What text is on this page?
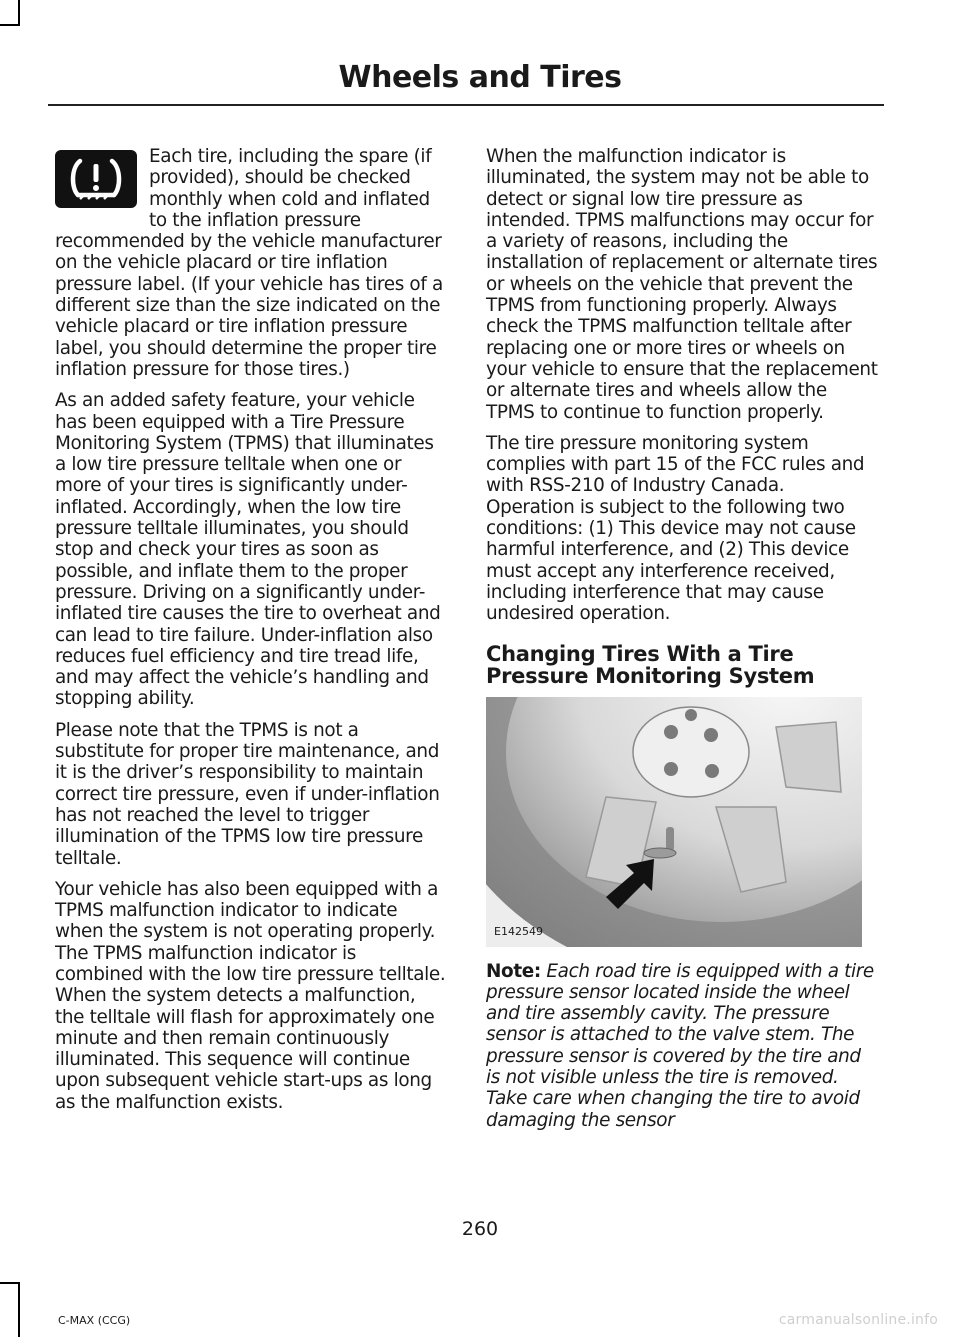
Wheels and Tires

Each tire, including the spare (if provided), should be checked monthly when cold and inflated to the inflation pressure recommended by the vehicle manufacturer on the vehicle placard or tire inflation pressure label. (If your vehicle has tires of a different size than the size indicated on the vehicle placard or tire inflation pressure label, you should determine the proper tire inflation pressure for those tires.)

As an added safety feature, your vehicle has been equipped with a Tire Pressure Monitoring System (TPMS) that illuminates a low tire pressure telltale when one or more of your tires is significantly under-inflated. Accordingly, when the low tire pressure telltale illuminates, you should stop and check your tires as soon as possible, and inflate them to the proper pressure. Driving on a significantly under-inflated tire causes the tire to overheat and can lead to tire failure. Under-inflation also reduces fuel efficiency and tire tread life, and may affect the vehicle’s handling and stopping ability.

Please note that the TPMS is not a substitute for proper tire maintenance, and it is the driver’s responsibility to maintain correct tire pressure, even if under-inflation has not reached the level to trigger illumination of the TPMS low tire pressure telltale.

Your vehicle has also been equipped with a TPMS malfunction indicator to indicate when the system is not operating properly. The TPMS malfunction indicator is combined with the low tire pressure telltale. When the system detects a malfunction, the telltale will flash for approximately one minute and then remain continuously illuminated. This sequence will continue upon subsequent vehicle start-ups as long as the malfunction exists.

When the malfunction indicator is illuminated, the system may not be able to detect or signal low tire pressure as intended. TPMS malfunctions may occur for a variety of reasons, including the installation of replacement or alternate tires or wheels on the vehicle that prevent the TPMS from functioning properly. Always check the TPMS malfunction telltale after replacing one or more tires or wheels on your vehicle to ensure that the replacement or alternate tires and wheels allow the TPMS to continue to function properly.

The tire pressure monitoring system complies with part 15 of the FCC rules and with RSS-210 of Industry Canada. Operation is subject to the following two conditions: (1) This device may not cause harmful interference, and (2) This device must accept any interference received, including interference that may cause undesired operation.

Changing Tires With a Tire Pressure Monitoring System
E142549

Note: Each road tire is equipped with a tire pressure sensor located inside the wheel and tire assembly cavity. The pressure sensor is attached to the valve stem. The pressure sensor is covered by the tire and is not visible unless the tire is removed. Take care when changing the tire to avoid damaging the sensor

260
C-MAX (CCG)	carmanualsonline.info
